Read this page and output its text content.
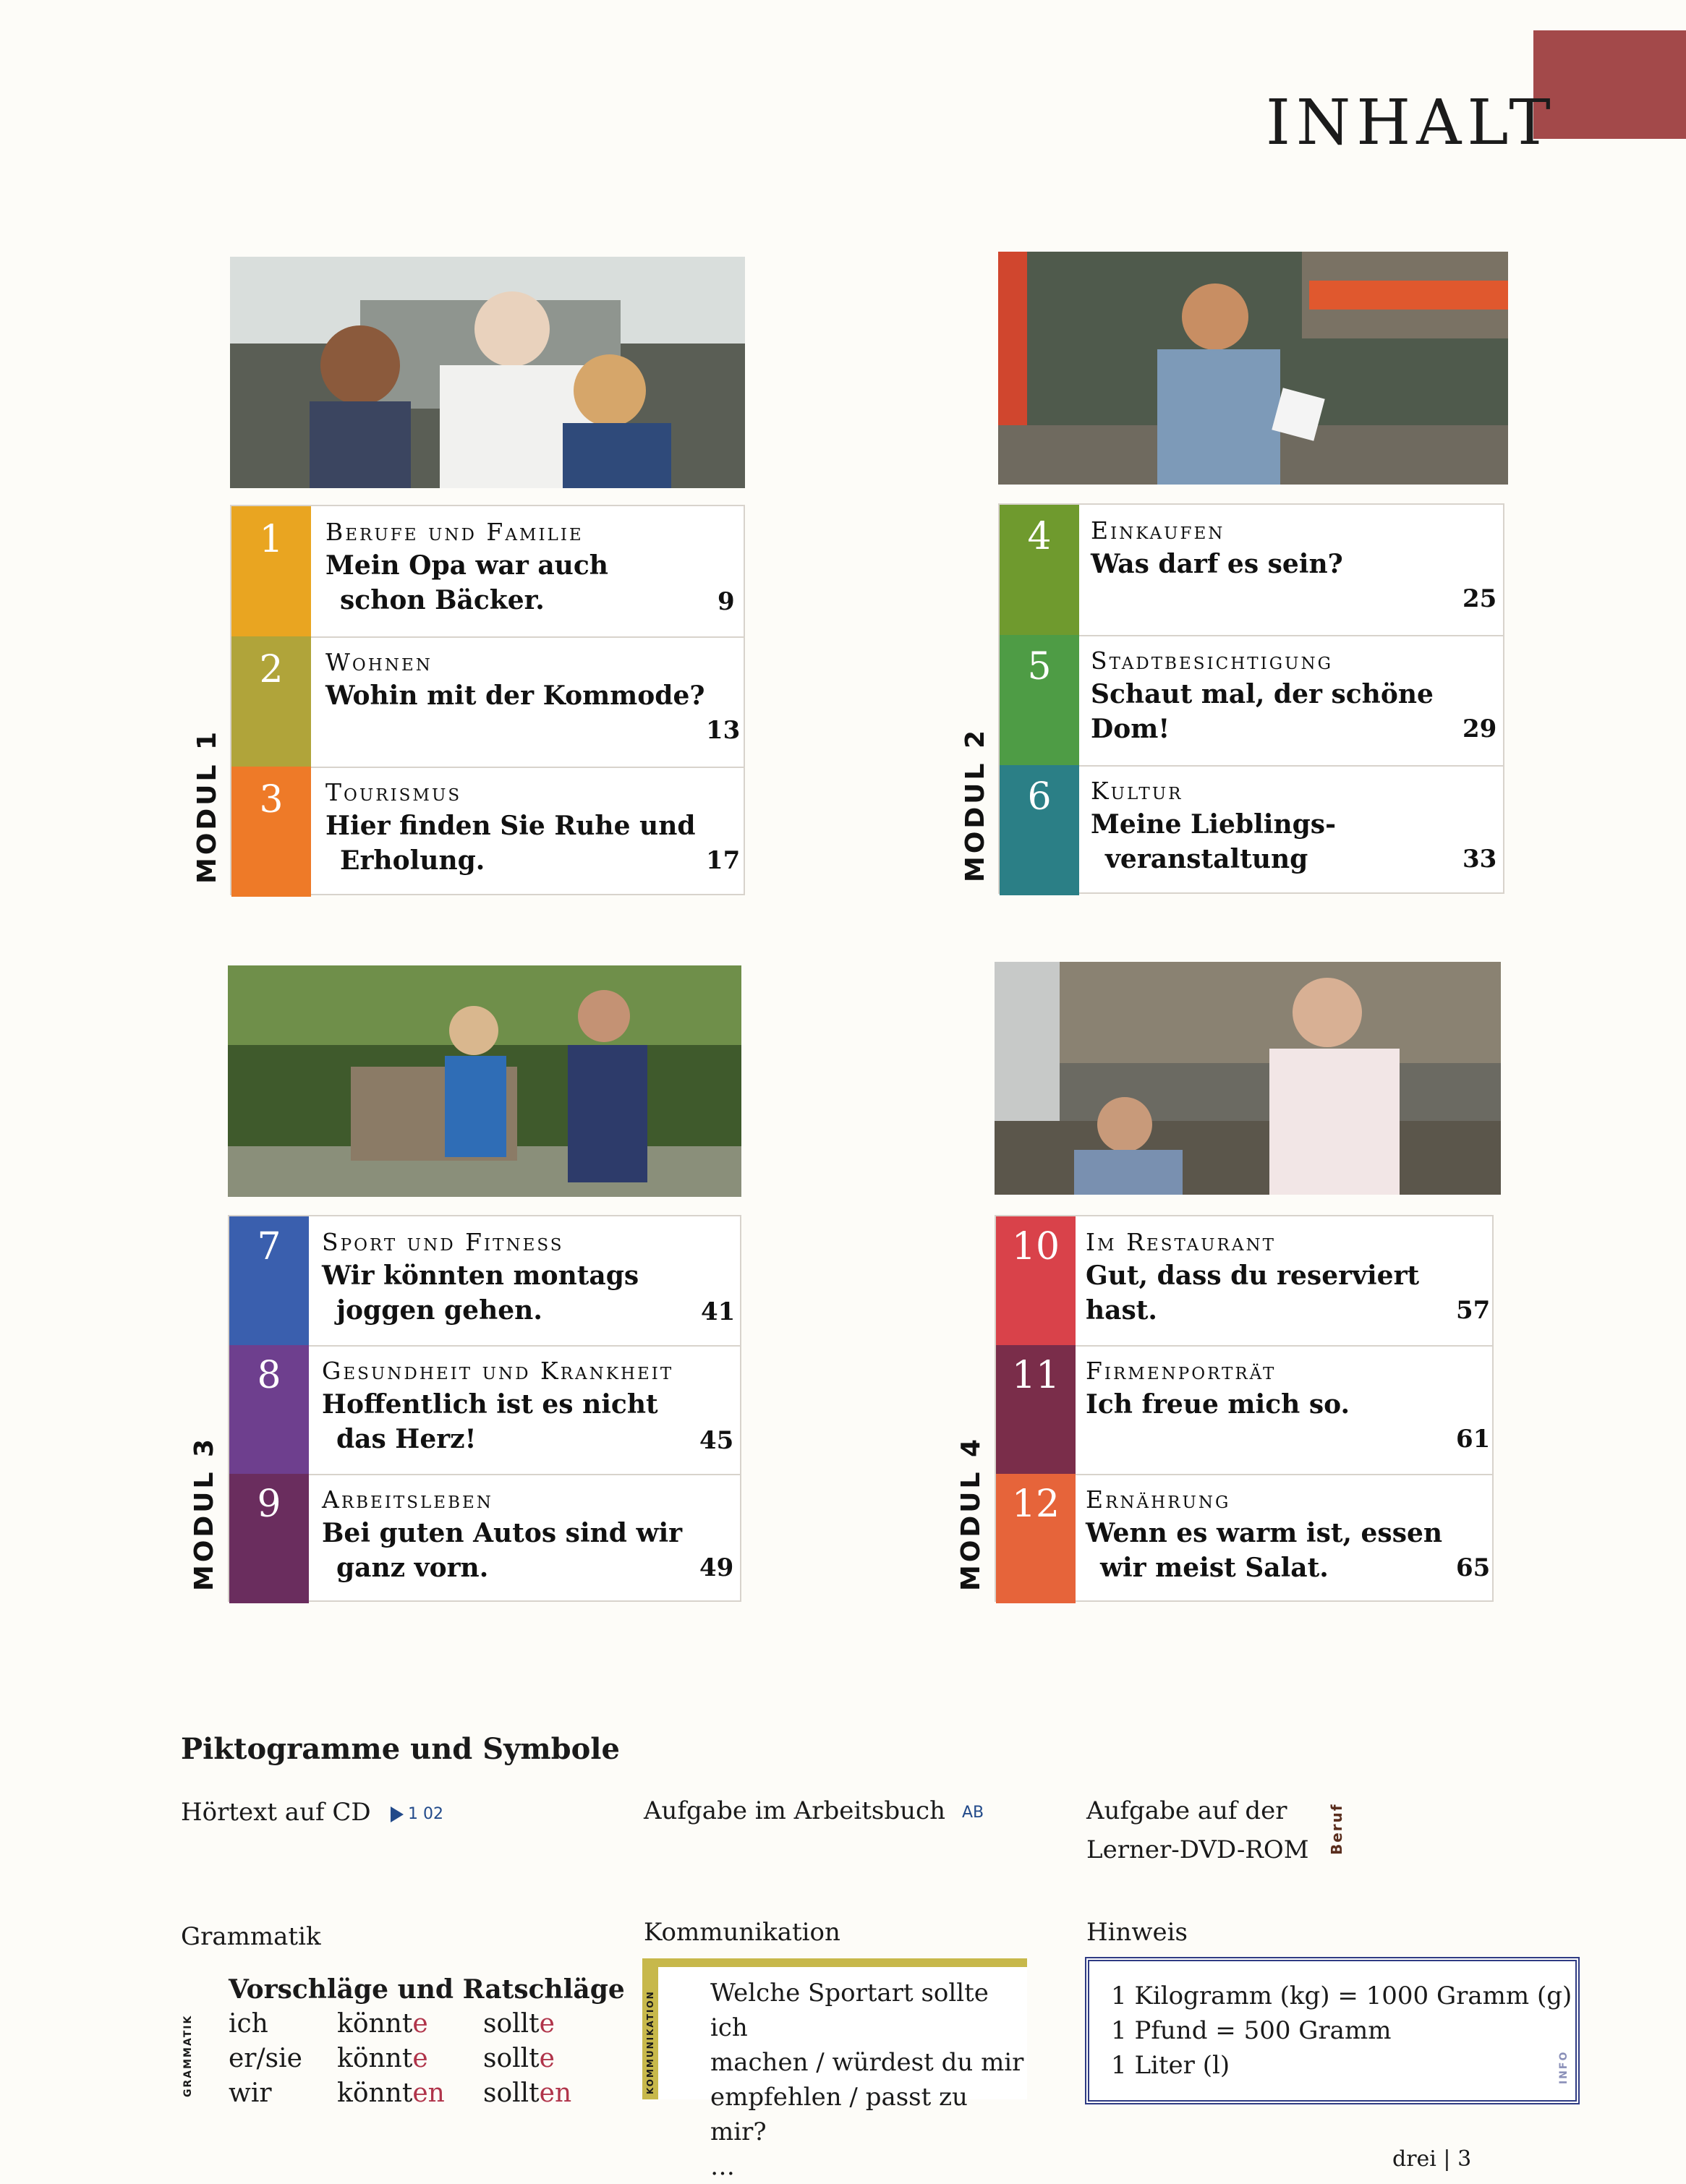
INHALT
1	Berufe und Familie
Mein Opa war auch
schon Bäcker.	9
2	Wohnen
Wohin mit der Kommode?
13
3	Tourismus
Hier finden Sie Ruhe und
Erholung.	17
MODUL 1
4	Einkaufen
Was darf es sein?
25
5	Stadtbesichtigung
Schaut mal, der schöne Dom!	29
6	Kultur
Meine Lieblings-
veranstaltung	33
MODUL 2
7	Sport und Fitness
Wir könnten montags
joggen gehen.	41
8	Gesundheit und Krankheit
Hoffentlich ist es nicht
das Herz!	45
9	Arbeitsleben
Bei guten Autos sind wir
ganz vorn.	49
MODUL 3
10	Im Restaurant
Gut, dass du reserviert hast.	57
11	Firmenporträt
Ich freue mich so.
61
12	Ernährung
Wenn es warm ist, essen
wir meist Salat.	65
MODUL 4
Piktogramme und Symbole
Hörtext auf CD 1 02	Aufgabe im Arbeitsbuch AB	Aufgabe auf der
Lerner-DVD-ROM Beruf
Grammatik
GRAMMATIK
Vorschläge und Ratschläge
ich	könnte sollte
er/sie könnte sollte
wir	könnten sollten
Kommunikation
KOMMUNIKATION Welche Sportart sollte ich
machen / würdest du mir
empfehlen / passt zu mir?
…
Hinweis
1 Kilogramm (kg) = 1000 Gramm (g)
1 Pfund = 500 Gramm
1 Liter (l)	INFO
drei | 3
